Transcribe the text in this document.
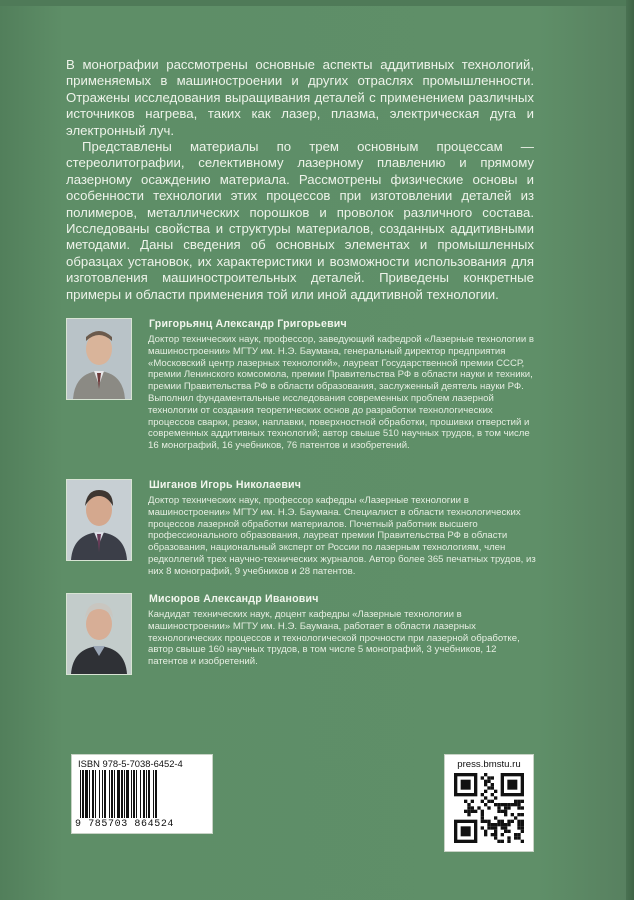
В монографии рассмотрены основные аспекты аддитивных технологий, применяемых в машиностроении и других отраслях промышленности. Отражены исследования выращивания деталей с применением различных источников нагрева, таких как лазер, плазма, электрическая дуга и электронный луч.

Представлены материалы по трем основным процессам — стереолитографии, селективному лазерному плавлению и прямому лазерному осаждению материала. Рассмотрены физические основы и особенности технологии этих процессов при изготовлении деталей из полимеров, металлических порошков и проволок различного состава. Исследованы свойства и структуры материалов, созданных аддитивными методами. Даны сведения об основных элементах и промышленных образцах установок, их характеристики и возможности использования для изготовления машиностроительных деталей. Приведены конкретные примеры и области применения той или иной аддитивной технологии.

Григорьянц Александр Григорьевич

Доктор технических наук, профессор, заведующий кафедрой «Лазерные технологии в машиностроении» МГТУ им. Н.Э. Баумана, генеральный директор предприятия «Московский центр лазерных технологий», лауреат Государственной премии СССР, премии Ленинского комсомола, премии Правительства РФ в области науки и техники, премии Правительства РФ в области образования, заслуженный деятель науки РФ.

Выполнил фундаментальные исследования современных проблем лазерной технологии от создания теоретических основ до разработки технологических процессов сварки, резки, наплавки, поверхностной обработки, прошивки отверстий и современных аддитивных технологий; автор свыше 510 научных трудов, в том числе 16 монографий, 16 учебников, 76 патентов и изобретений.

Шиганов Игорь Николаевич

Доктор технических наук, профессор кафедры «Лазерные технологии в машиностроении» МГТУ им. Н.Э. Баумана. Специалист в области технологических процессов лазерной обработки материалов. Почетный работник высшего профессионального образования, лауреат премии Правительства РФ в области образования, национальный эксперт от России по лазерным технологиям, член редколлегий трех научно-технических журналов. Автор более 365 печатных трудов, из них 8 монографий, 9 учебников и 28 патентов.

Мисюров Александр Иванович

Кандидат технических наук, доцент кафедры «Лазерные технологии в машиностроении» МГТУ им. Н.Э. Баумана, работает в области лазерных технологических процессов и технологической прочности при лазерной обработке, автор свыше 160 научных трудов, в том числе 5 монографий, 3 учебников, 12 патентов и изобретений.

ISBN 978-5-7038-6452-4
9 785703 864524
press.bmstu.ru
